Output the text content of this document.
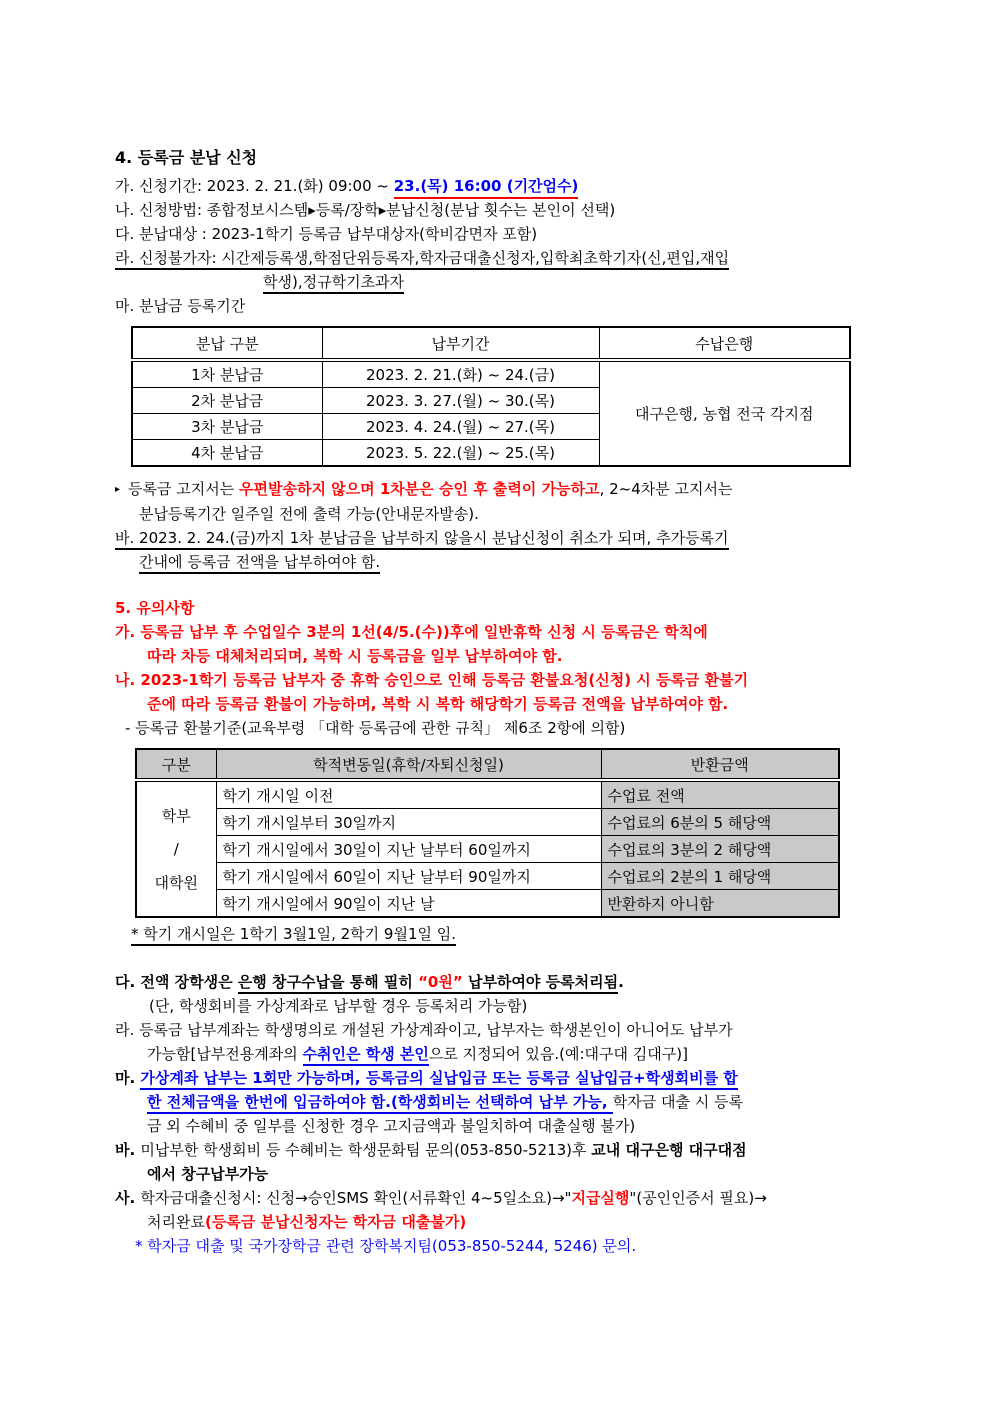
4. 등록금 분납 신청
가. 신청기간: 2023. 2. 21.(화) 09:00 ~ 23.(목) 16:00 (기간엄수)
나. 신청방법: 종합정보시스템▸등록/장학▸분납신청(분납 횟수는 본인이 선택)
다. 분납대상 : 2023-1학기 등록금 납부대상자(학비감면자 포함)
라. 신청불가자: 시간제등록생,학점단위등록자,학자금대출신청자,입학최초학기자(신,편입,재입
학생),정규학기초과자
마. 분납금 등록기간
분납 구분	납부기간	수납은행
1차 분납금	2023. 2. 21.(화) ~ 24.(금)	대구은행, 농협 전국 각지점
2차 분납금	2023. 3. 27.(월) ~ 30.(목)	
3차 분납금	2023. 4. 24.(월) ~ 27.(목)	
4차 분납금	2023. 5. 22.(월) ~ 25.(목)	
▸ 등록금 고지서는 우편발송하지 않으며 1차분은 승인 후 출력이 가능하고, 2~4차분 고지서는
분납등록기간 일주일 전에 출력 가능(안내문자발송).
바. 2023. 2. 24.(금)까지 1차 분납금을 납부하지 않을시 분납신청이 취소가 되며, 추가등록기
간내에 등록금 전액을 납부하여야 함.
5. 유의사항
가. 등록금 납부 후 수업일수 3분의 1선(4/5.(수))후에 일반휴학 신청 시 등록금은 학칙에
따라 차등 대체처리되며, 복학 시 등록금을 일부 납부하여야 함.
나. 2023-1학기 등록금 납부자 중 휴학 승인으로 인해 등록금 환불요청(신청) 시 등록금 환불기
준에 따라 등록금 환불이 가능하며, 복학 시 복학 해당학기 등록금 전액을 납부하여야 함.
- 등록금 환불기준(교육부령 「대학 등록금에 관한 규칙」 제6조 2항에 의함)
구분	학적변동일(휴학/자퇴신청일)	반환금액

학부
/
대학원	학기 개시일 이전	수업료 전액
	학기 개시일부터 30일까지	수업료의 6분의 5 해당액
	학기 개시일에서 30일이 지난 날부터 60일까지	수업료의 3분의 2 해당액
	학기 개시일에서 60일이 지난 날부터 90일까지	수업료의 2분의 1 해당액
	학기 개시일에서 90일이 지난 날	반환하지 아니함
* 학기 개시일은 1학기 3월1일, 2학기 9월1일 임.
다. 전액 장학생은 은행 창구수납을 통해 필히 “0원” 납부하여야 등록처리됨.
(단, 학생회비를 가상계좌로 납부할 경우 등록처리 가능함)
라. 등록금 납부계좌는 학생명의로 개설된 가상계좌이고, 납부자는 학생본인이 아니어도 납부가
가능함[납부전용계좌의 수취인은 학생 본인으로 지정되어 있음.(예:대구대 김대구)]
마. 가상계좌 납부는 1회만 가능하며, 등록금의 실납입금 또는 등록금 실납입금+학생회비를 합
한 전체금액을 한번에 입금하여야 함.(학생회비는 선택하여 납부 가능, 학자금 대출 시 등록
금 외 수혜비 중 일부를 신청한 경우 고지금액과 불일치하여 대출실행 불가)
바. 미납부한 학생회비 등 수혜비는 학생문화팀 문의(053-850-5213)후 교내 대구은행 대구대점
에서 창구납부가능
사. 학자금대출신청시: 신청→승인SMS 확인(서류확인 4~5일소요)→"지급실행"(공인인증서 필요)→
처리완료(등록금 분납신청자는 학자금 대출불가)
* 학자금 대출 및 국가장학금 관련 장학복지팀(053-850-5244, 5246) 문의.
